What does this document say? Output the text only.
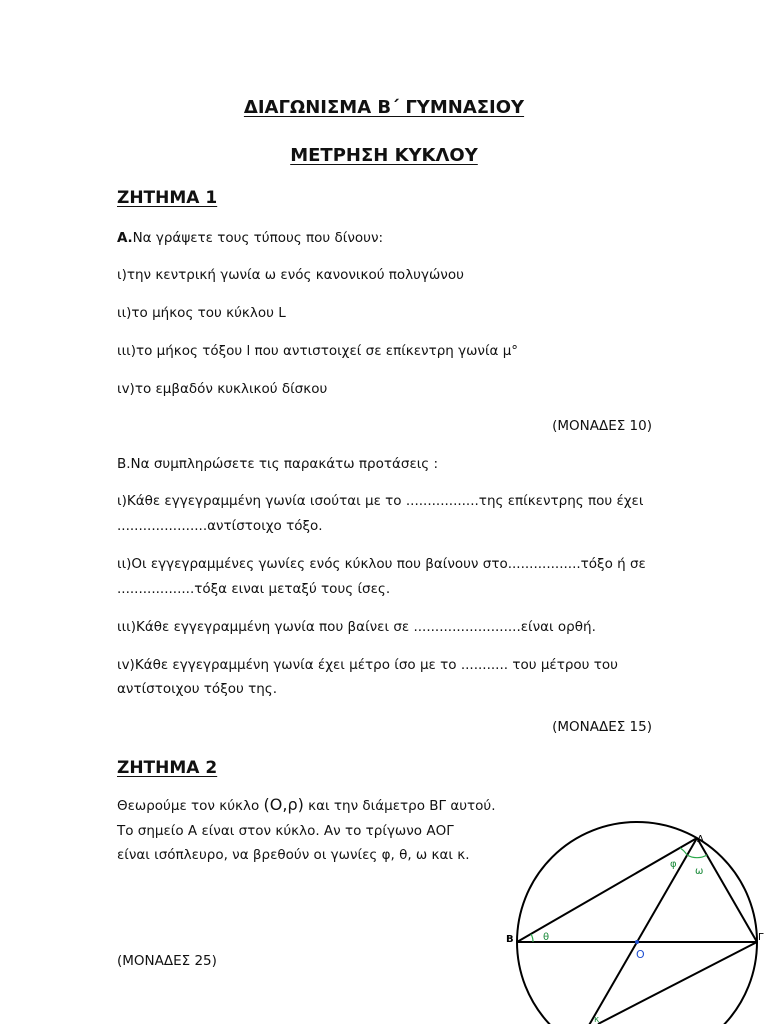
ΔΙΑΓΩΝΙΣΜΑ Β΄ ΓΥΜΝΑΣΙΟΥ
ΜΕΤΡΗΣΗ ΚΥΚΛΟΥ
ΖΗΤΗΜΑ 1
Α.Να γράψετε τους τύπους που δίνουν:
ι)την κεντρική γωνία ω ενός κανονικού πολυγώνου
ιι)το μήκος του κύκλου L
ιιι)το μήκος τόξου l που αντιστοιχεί σε επίκεντρη γωνία μ°
ιv)το εμβαδόν κυκλικού δίσκου
(ΜΟΝΑΔΕΣ 10)
Β.Να συμπληρώσετε τις παρακάτω προτάσεις :
ι)Κάθε εγγεγραμμένη γωνία ισούται με το .................της επίκεντρης που έχει
.....................αντίστοιχο τόξο.
ιι)Οι εγγεγραμμένες γωνίες ενός κύκλου που βαίνουν στο.................τόξο ή σε
..................τόξα ειναι μεταξύ τους ίσες.
ιιι)Κάθε εγγεγραμμένη γωνία που βαίνει σε .........................είναι ορθή.
ιv)Κάθε εγγεγραμμένη γωνία έχει μέτρο ίσο με το ........... του μέτρου του
αντίστοιχου τόξου της.
(ΜΟΝΑΔΕΣ 15)
ΖΗΤΗΜΑ 2
Θεωρούμε τον κύκλο (Ο,ρ) και την διάμετρο ΒΓ αυτού.
Το σημείο Α είναι στον κύκλο. Αν το τρίγωνο ΑΟΓ
είναι ισόπλευρο, να βρεθούν οι γωνίες φ, θ, ω και κ.
(ΜΟΝΑΔΕΣ 25)
Α
Β	Γ
Ο
φ
ω
θ
κ
